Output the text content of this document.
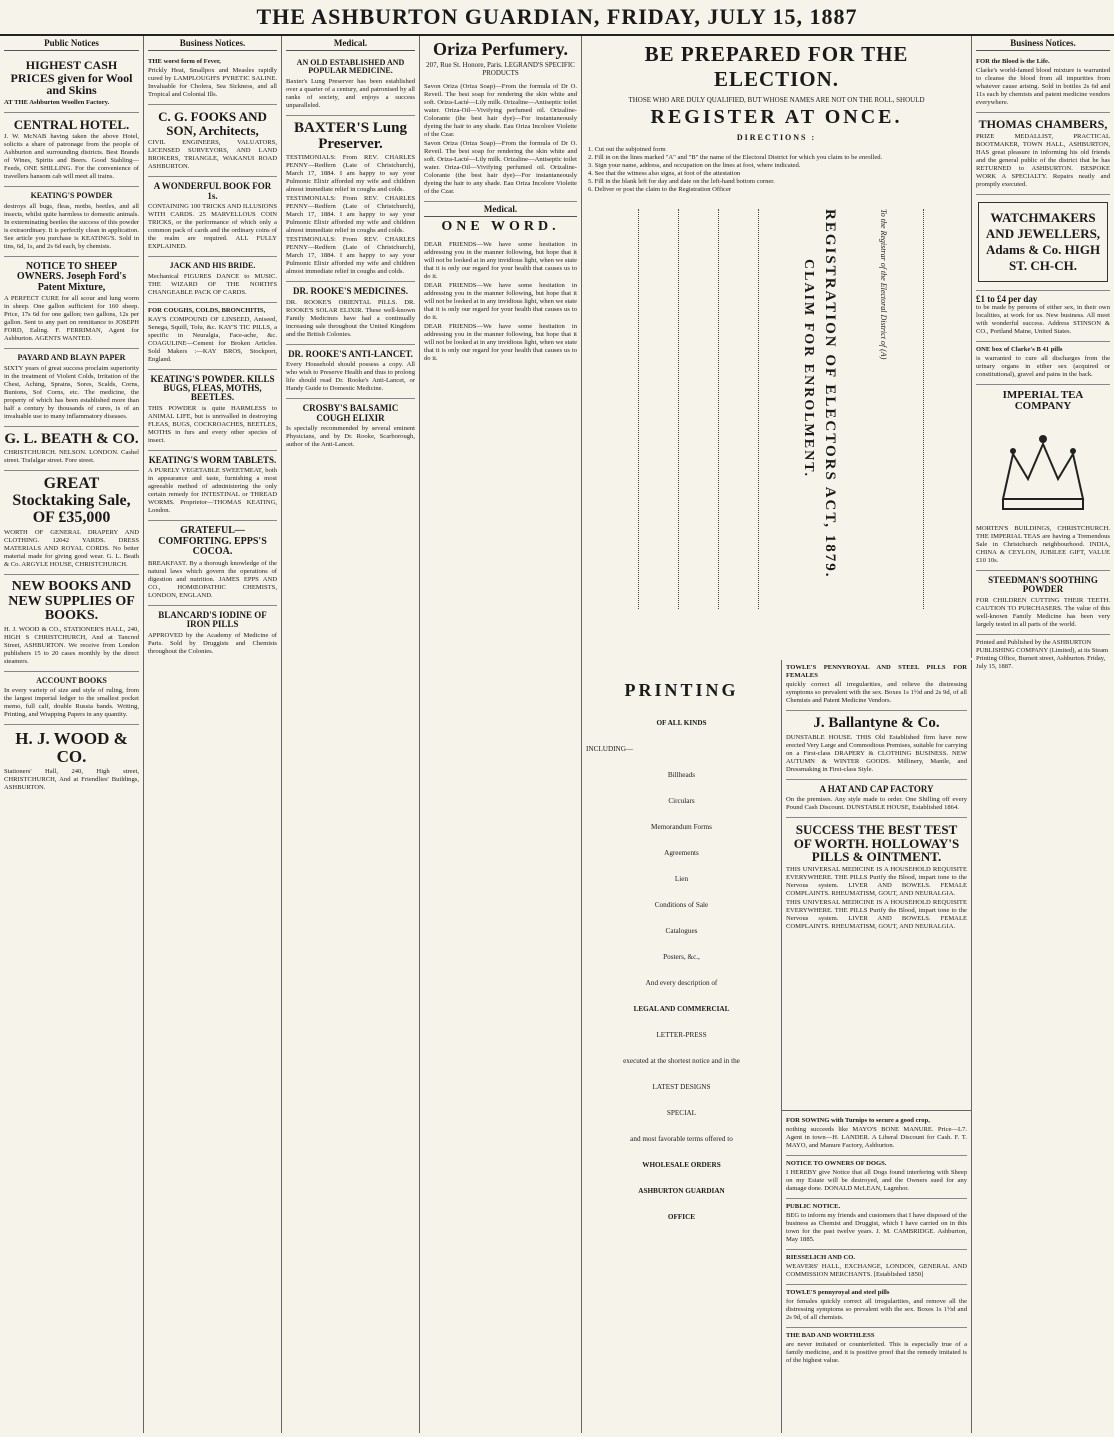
THE ASHBURTON GUARDIAN, FRIDAY, JULY 15, 1887
Public Notices
HIGHEST CASH PRICES given for Wool and Skins

AT THE Ashburton Woollen Factory.

CENTRAL HOTEL.

J. W. McNAB having taken the above Hotel, solicits a share of patronage from the people of Ashburton and surrounding districts. Best Brands of Wines, Spirits and Beers. Good Stabling—Feeds, ONE SHILLING. For the convenience of travellers hansom cab will meet all trains.

KEATING'S POWDER

destroys all bugs, fleas, moths, beetles, and all insects, whilst quite harmless to domestic animals. In exterminating beetles the success of this powder is extraordinary. It is perfectly clean in application. See article you purchase is KEATING'S. Sold in tins, 6d, 1s, and 2s 6d each, by chemists.

NOTICE TO SHEEP OWNERS. Joseph Ford's Patent Mixture,

A PERFECT CURE for all scour and lung worm in sheep. One gallon sufficient for 160 sheep. Price, 17s 6d for one gallon; two gallons, 12s per gallon. Sent to any part on remittance to JOSEPH FORD, Ealing. F. FERRIMAN, Agent for Ashburton. AGENTS WANTED.

PAYARD AND BLAYN PAPER

SIXTY years of great success proclaim superiority in the treatment of Violent Colds, Irritation of the Chest, Aching, Sprains, Sores, Scalds, Corns, Bunions, Sof Corns, etc. The medicine, the property of which has been established more than half a century by thousands of cures, is of an invaluable use to many inflammatory diseases.

G. L. BEATH & CO.

CHRISTCHURCH. NELSON. LONDON. Cashel street. Trafalgar street. Fore street.

GREAT Stocktaking Sale, OF £35,000

WORTH OF GENERAL DRAPERY AND CLOTHING. 12042 YARDS. DRESS MATERIALS AND ROYAL CORDS. No better material made for giving good wear. G. L. Beath & Co. ARGYLE HOUSE, CHRISTCHURCH.

NEW BOOKS AND NEW SUPPLIES OF BOOKS.

H. J. WOOD & CO., STATIONER'S HALL, 240, HIGH S CHRISTCHURCH, And at Tancred Street, ASHBURTON. We receive from London publishers 15 to 20 cases monthly by the direct steamers.

ACCOUNT BOOKS

In every variety of size and style of ruling, from the largest imperial ledger to the smallest pocket memo, full calf, double Russia bands. Writing, Printing, and Wrapping Papers in any quantity.

H. J. WOOD & CO.

Stationers' Hall, 240, High street, CHRISTCHURCH, And at Friendlies' Buildings, ASHBURTON.

Business Notices.

THE worst form of Fever,

Prickly Heat, Smallpox and Measles rapidly cured by LAMPLOUGH'S PYRETIC SALINE. Invaluable for Cholera, Sea Sickness, and all Tropical and Colonial Ills.

C. G. FOOKS AND SON, Architects,

CIVIL ENGINEERS, VALUATORS, LICENSED SURVEYORS, AND LAND BROKERS, TRIANGLE, WAKANUI ROAD ASHBURTON.

A WONDERFUL BOOK FOR 1s.

CONTAINING 100 TRICKS AND ILLUSIONS WITH CARDS. 25 MARVELLOUS COIN TRICKS, or the performance of which only a common pack of cards and the ordinary coins of the realm are required. ALL FULLY EXPLAINED.

JACK AND HIS BRIDE.

Mechanical FIGURES DANCE to MUSIC. THE WIZARD OF THE NORTH'S CHANGEABLE PACK OF CARDS.

FOR COUGHS, COLDS, BRONCHITIS,

KAY'S COMPOUND OF LINSEED, Aniseed, Senega, Squill, Tolu, &c. KAY'S TIC PILLS, a specific in Neuralgia, Face-ache, &c. COAGULINE—Cement for Broken Articles. Sold Makers :—KAY BROS, Stockport, England.

KEATING'S POWDER. KILLS BUGS, FLEAS, MOTHS, BEETLES.

THIS POWDER is quite HARMLESS to ANIMAL LIFE, but is unrivalled in destroying FLEAS, BUGS, COCKROACHES, BEETLES, MOTHS in furs and every other species of insect.

KEATING'S WORM TABLETS.

A PURELY VEGETABLE SWEETMEAT, both in appearance and taste, furnishing a most agreeable method of administering the only certain remedy for INTESTINAL or THREAD WORMS. Proprietor—THOMAS KEATING, London.

GRATEFUL—COMFORTING. EPPS'S COCOA.

BREAKFAST. By a thorough knowledge of the natural laws which govern the operations of digestion and nutrition. JAMES EPPS AND CO., HOMŒOPATHIC CHEMISTS, LONDON, ENGLAND.

BLANCARD'S IODINE OF IRON PILLS

APPROVED by the Academy of Medicine of Paris. Sold by Druggists and Chemists throughout the Colonies.

Medical.
AN OLD ESTABLISHED AND POPULAR MEDICINE.

Baxter's Lung Preserver has been established over a quarter of a century, and patronised by all ranks of society, and enjoys a success unparalleled.

BAXTER'S Lung Preserver.

TESTIMONIALS: From REV. CHARLES PENNY—Redfern (Late of Christchurch), March 17, 1884. I am happy to say your Pulmonic Elixir afforded my wife and children almost immediate relief in coughs and colds.

TESTIMONIALS: From REV. CHARLES PENNY—Redfern (Late of Christchurch), March 17, 1884. I am happy to say your Pulmonic Elixir afforded my wife and children almost immediate relief in coughs and colds.

TESTIMONIALS: From REV. CHARLES PENNY—Redfern (Late of Christchurch), March 17, 1884. I am happy to say your Pulmonic Elixir afforded my wife and children almost immediate relief in coughs and colds.

DR. ROOKE'S MEDICINES.

DR. ROOKE'S ORIENTAL PILLS. DR. ROOKE'S SOLAR ELIXIR. These well-known Family Medicines have had a continually increasing sale throughout the United Kingdom and the British Colonies.

DR. ROOKE'S ANTI-LANCET.

Every Household should possess a copy. All who wish to Preserve Health and thus to prolong life should read Dr. Rooke's Anti-Lancet, or Handy Guide to Domestic Medicine.

CROSBY'S BALSAMIC COUGH ELIXIR

Is specially recommended by several eminent Physicians, and by Dr. Rooke, Scarborough, author of the Anti-Lancet.

Oriza Perfumery.

207, Rue St. Honore, Paris. LEGRAND'S SPECIFIC PRODUCTS

Savon Oriza (Oriza Soap)—From the formula of Dr O. Reveil. The best soap for rendering the skin white and soft. Oriza-Lacté—Lily milk. Orizaline—Antiseptic toilet water. Oriza-Oil—Vivifying perfumed oil. Orizaline-Colorante (the best hair dye)—For instantaneously dyeing the hair to any shade. Eau Oriza Incolore Violette of the Czar.

Savon Oriza (Oriza Soap)—From the formula of Dr O. Reveil. The best soap for rendering the skin white and soft. Oriza-Lacté—Lily milk. Orizaline—Antiseptic toilet water. Oriza-Oil—Vivifying perfumed oil. Orizaline-Colorante (the best hair dye)—For instantaneously dyeing the hair to any shade. Eau Oriza Incolore Violette of the Czar.

Medical.
ONE WORD.

DEAR FRIENDS—We have some hesitation in addressing you in the manner following, but hope that it will not be looked at in any invidious light, when we state that it is only our regard for your health that causes us to do it.

DEAR FRIENDS—We have some hesitation in addressing you in the manner following, but hope that it will not be looked at in any invidious light, when we state that it is only our regard for your health that causes us to do it.

DEAR FRIENDS—We have some hesitation in addressing you in the manner following, but hope that it will not be looked at in any invidious light, when we state that it is only our regard for your health that causes us to do it.

BE PREPARED FOR THE ELECTION.

THOSE WHO ARE DULY QUALIFIED, BUT WHOSE NAMES ARE NOT ON THE ROLL, SHOULD

REGISTER AT ONCE.

DIRECTIONS :

1. Cut out the subjoined form

2. Fill in on the lines marked "A" and "B" the name of the Electoral District for which you claim to be enrolled.

3. Sign your name, address, and occupation on the lines at foot, where indicated.

4. See that the witness also signs, at foot of the attestation

5. Fill in the blank left for day and date on the left-hand bottom corner.

6. Deliver or post the claim to the Registration Officer

REGISTRATION OF ELECTORS ACT, 1879.
CLAIM FOR ENROLMENT.	To the Registrar of the Electoral District of (A)
PRINTING
OF ALL KINDS
INCLUDING—
Billheads
Circulars
Memorandum Forms
Agreements
Lien
Conditions of Sale
Catalogues
Posters, &c.,
And every description of
LEGAL AND COMMERCIAL
LETTER-PRESS
executed at the shortest notice and in the
LATEST DESIGNS
SPECIAL
and most favorable terms offered to
WHOLESALE ORDERS
ASHBURTON GUARDIAN
OFFICE

TOWLE'S PENNYROYAL AND STEEL PILLS FOR FEMALES

quickly correct all irregularities, and relieve the distressing symptoms so prevalent with the sex. Boxes 1s 1½d and 2s 9d, of all Chemists and Patent Medicine Vendors.

J. Ballantyne & Co.

DUNSTABLE HOUSE. THIS Old Established firm have now erected Very Large and Commodious Premises, suitable for carrying on a First-class DRAPERY & CLOTHING BUSINESS. NEW AUTUMN & WINTER GOODS. Millinery, Mantle, and Dressmaking in First-class Style.

A HAT AND CAP FACTORY

On the premises. Any style made to order. One Shilling off every Pound Cash Discount. DUNSTABLE HOUSE, Established 1864.

SUCCESS THE BEST TEST OF WORTH. HOLLOWAY'S PILLS & OINTMENT.

THIS UNIVERSAL MEDICINE IS A HOUSEHOLD REQUISITE EVERYWHERE. THE PILLS Purify the Blood, impart tone to the Nervous system. LIVER AND BOWELS. FEMALE COMPLAINTS. RHEUMATISM, GOUT, AND NEURALGIA.

THIS UNIVERSAL MEDICINE IS A HOUSEHOLD REQUISITE EVERYWHERE. THE PILLS Purify the Blood, impart tone to the Nervous system. LIVER AND BOWELS. FEMALE COMPLAINTS. RHEUMATISM, GOUT, AND NEURALGIA.

Business Notices.

FOR the Blood is the Life.

Clarke's world-famed blood mixture is warranted to cleanse the blood from all impurities from whatever cause arising. Sold in bottles 2s 6d and 11s each by chemists and patent medicine vendors everywhere.

THOMAS CHAMBERS,

PRIZE MEDALLIST, PRACTICAL BOOTMAKER, TOWN HALL, ASHBURTON, HAS great pleasure in informing his old friends and the general public of the district that he has RETURNED to ASHBURTON. BESPOKE WORK A SPECIALTY. Repairs neatly and promptly executed.

WATCHMAKERS AND JEWELLERS, Adams & Co. HIGH ST. CH-CH.

£1 to £4 per day

to be made by persons of either sex, in their own localities, at work for us. New business. All meet with wonderful success. Address STINSON & CO., Portland Maine, United States.

ONE box of Clarke's B 41 pills

is warranted to cure all discharges from the urinary organs in either sex (acquired or constitutional), gravel and pains in the back.

IMPERIAL TEA COMPANY

MORTEN'S BUILDINGS, CHRISTCHURCH. THE IMPERIAL TEAS are having a Tremendous Sale in Christchurch neighbourhood. INDIA, CHINA & CEYLON, JUBILEE GIFT, VALUE £10 10s.

STEEDMAN'S SOOTHING POWDER

FOR CHILDREN CUTTING THEIR TEETH. CAUTION TO PURCHASERS. The value of this well-known Family Medicine has been very largely tested in all parts of the world.

Printed and Published by the ASHBURTON PUBLISHING COMPANY (Limited), at its Steam Printing Office, Burnett street, Ashburton. Friday, July 15, 1887.

FOR SOWING with Turnips to secure a good crop,

nothing succeeds like MAYO'S BONE MANURE. Price—L7. Agent in town—H. LANDER. A Liberal Discount for Cash. F. T. MAYO, and Manure Factory, Ashburton.

NOTICE TO OWNERS OF DOGS.

I HEREBY give Notice that all Dogs found interfering with Sheep on my Estate will be destroyed, and the Owners sued for any damage done. DONALD McLEAN, Lagmhor.

PUBLIC NOTICE.

BEG to inform my friends and customers that I have disposed of the business as Chemist and Druggist, which I have carried on in this town for the past twelve years. J. M. CAMBRIDGE. Ashburton, May 1885.

RIESSELICH AND CO.

WEAVERS' HALL, EXCHANGE, LONDON, GENERAL AND COMMISSION MERCHANTS. [Established 1850]

TOWLE'S pennyroyal and steel pills

for females quickly correct all irregularities, and remove all the distressing symptoms so prevalent with the sex. Boxes 1s 1½d and 2s 9d, of all chemists.

THE BAD AND WORTHLESS

are never imitated or counterfeited. This is especially true of a family medicine, and it is positive proof that the remedy imitated is of the highest value.
